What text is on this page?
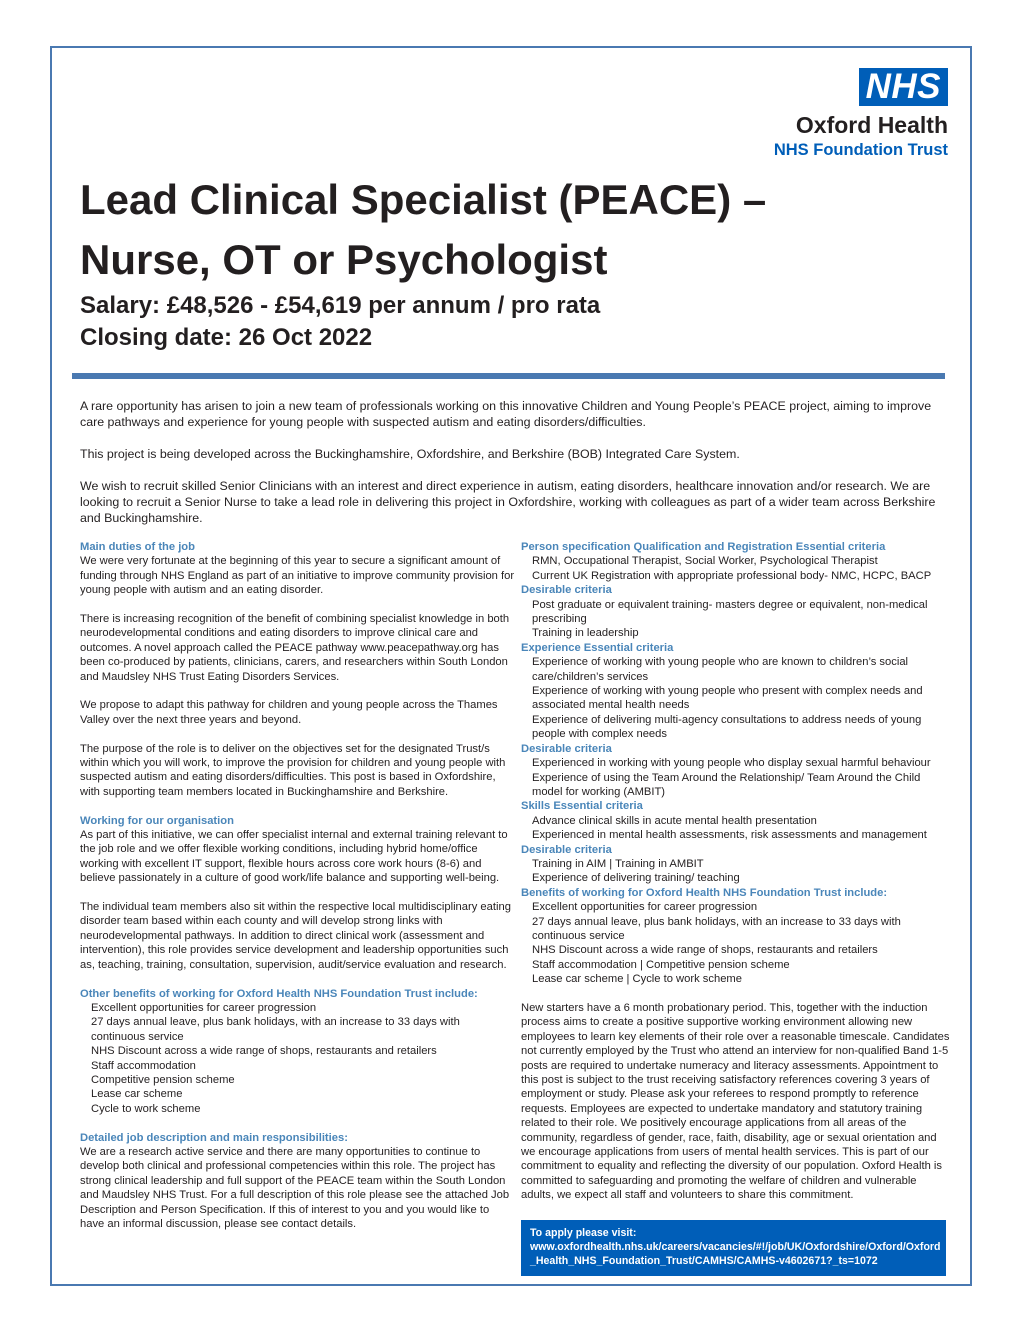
NHS
Oxford Health
NHS Foundation Trust
Lead Clinical Specialist (PEACE) –
Nurse, OT or Psychologist
Salary: £48,526 - £54,619 per annum / pro rata
Closing date: 26 Oct 2022

A rare opportunity has arisen to join a new team of professionals working on this innovative Children and Young People’s PEACE project, aiming to improve care pathways and experience for young people with suspected autism and eating disorders/difficulties.

This project is being developed across the Buckinghamshire, Oxfordshire, and Berkshire (BOB) Integrated Care System.

We wish to recruit skilled Senior Clinicians with an interest and direct experience in autism, eating disorders, healthcare innovation and/or research. We are looking to recruit a Senior Nurse to take a lead role in delivering this project in Oxfordshire, working with colleagues as part of a wider team across Berkshire and Buckinghamshire.

Main duties of the job

We were very fortunate at the beginning of this year to secure a significant amount of funding through NHS England as part of an initiative to improve community provision for young people with autism and an eating disorder.

There is increasing recognition of the benefit of combining specialist knowledge in both neurodevelopmental conditions and eating disorders to improve clinical care and outcomes. A novel approach called the PEACE pathway www.peacepathway.org has been co-produced by patients, clinicians, carers, and researchers within South London and Maudsley NHS Trust Eating Disorders Services.

We propose to adapt this pathway for children and young people across the Thames Valley over the next three years and beyond.

The purpose of the role is to deliver on the objectives set for the designated Trust/s within which you will work, to improve the provision for children and young people with suspected autism and eating disorders/difficulties. This post is based in Oxfordshire, with supporting team members located in Buckinghamshire and Berkshire.

Working for our organisation

As part of this initiative, we can offer specialist internal and external training relevant to the job role and we offer flexible working conditions, including hybrid home/office working with excellent IT support, flexible hours across core work hours (8-6) and believe passionately in a culture of good work/life balance and supporting well-being.

The individual team members also sit within the respective local multidisciplinary eating disorder team based within each county and will develop strong links with neurodevelopmental pathways. In addition to direct clinical work (assessment and intervention), this role provides service development and leadership opportunities such as, teaching, training, consultation, supervision, audit/service evaluation and research.

Other benefits of working for Oxford Health NHS Foundation Trust include:
Excellent opportunities for career progression
27 days annual leave, plus bank holidays, with an increase to 33 days with continuous service
NHS Discount across a wide range of shops, restaurants and retailers
Staff accommodation
Competitive pension scheme
Lease car scheme
Cycle to work scheme
Detailed job description and main responsibilities:

We are a research active service and there are many opportunities to continue to develop both clinical and professional competencies within this role. The project has strong clinical leadership and full support of the PEACE team within the South London and Maudsley NHS Trust. For a full description of this role please see the attached Job Description and Person Specification. If this of interest to you and you would like to have an informal discussion, please see contact details.

Person specification Qualification and Registration Essential criteria
RMN, Occupational Therapist, Social Worker, Psychological Therapist
Current UK Registration with appropriate professional body- NMC, HCPC, BACP
Desirable criteria
Post graduate or equivalent training- masters degree or equivalent, non-medical prescribing
Training in leadership
Experience Essential criteria
Experience of working with young people who are known to children’s social care/children’s services
Experience of working with young people who present with complex needs and associated mental health needs
Experience of delivering multi-agency consultations to address needs of young people with complex needs
Desirable criteria
Experienced in working with young people who display sexual harmful behaviour
Experience of using the Team Around the Relationship/ Team Around the Child model for working (AMBIT)
Skills Essential criteria
Advance clinical skills in acute mental health presentation
Experienced in mental health assessments, risk assessments and management
Desirable criteria
Training in AIM | Training in AMBIT
Experience of delivering training/ teaching
Benefits of working for Oxford Health NHS Foundation Trust include:
Excellent opportunities for career progression
27 days annual leave, plus bank holidays, with an increase to 33 days with continuous service
NHS Discount across a wide range of shops, restaurants and retailers
Staff accommodation | Competitive pension scheme
Lease car scheme | Cycle to work scheme

New starters have a 6 month probationary period. This, together with the induction process aims to create a positive supportive working environment allowing new employees to learn key elements of their role over a reasonable timescale. Candidates not currently employed by the Trust who attend an interview for non-qualified Band 1-5 posts are required to undertake numeracy and literacy assessments. Appointment to this post is subject to the trust receiving satisfactory references covering 3 years of employment or study. Please ask your referees to respond promptly to reference requests. Employees are expected to undertake mandatory and statutory training related to their role. We positively encourage applications from all areas of the community, regardless of gender, race, faith, disability, age or sexual orientation and we encourage applications from users of mental health services. This is part of our commitment to equality and reflecting the diversity of our population. Oxford Health is committed to safeguarding and promoting the welfare of children and vulnerable adults, we expect all staff and volunteers to share this commitment.

To apply please visit:
www.oxfordhealth.nhs.uk/careers/vacancies/#!/job/UK/Oxfordshire/Oxford/Oxford_Health_NHS_Foundation_Trust/CAMHS/CAMHS-v4602671?_ts=1072
